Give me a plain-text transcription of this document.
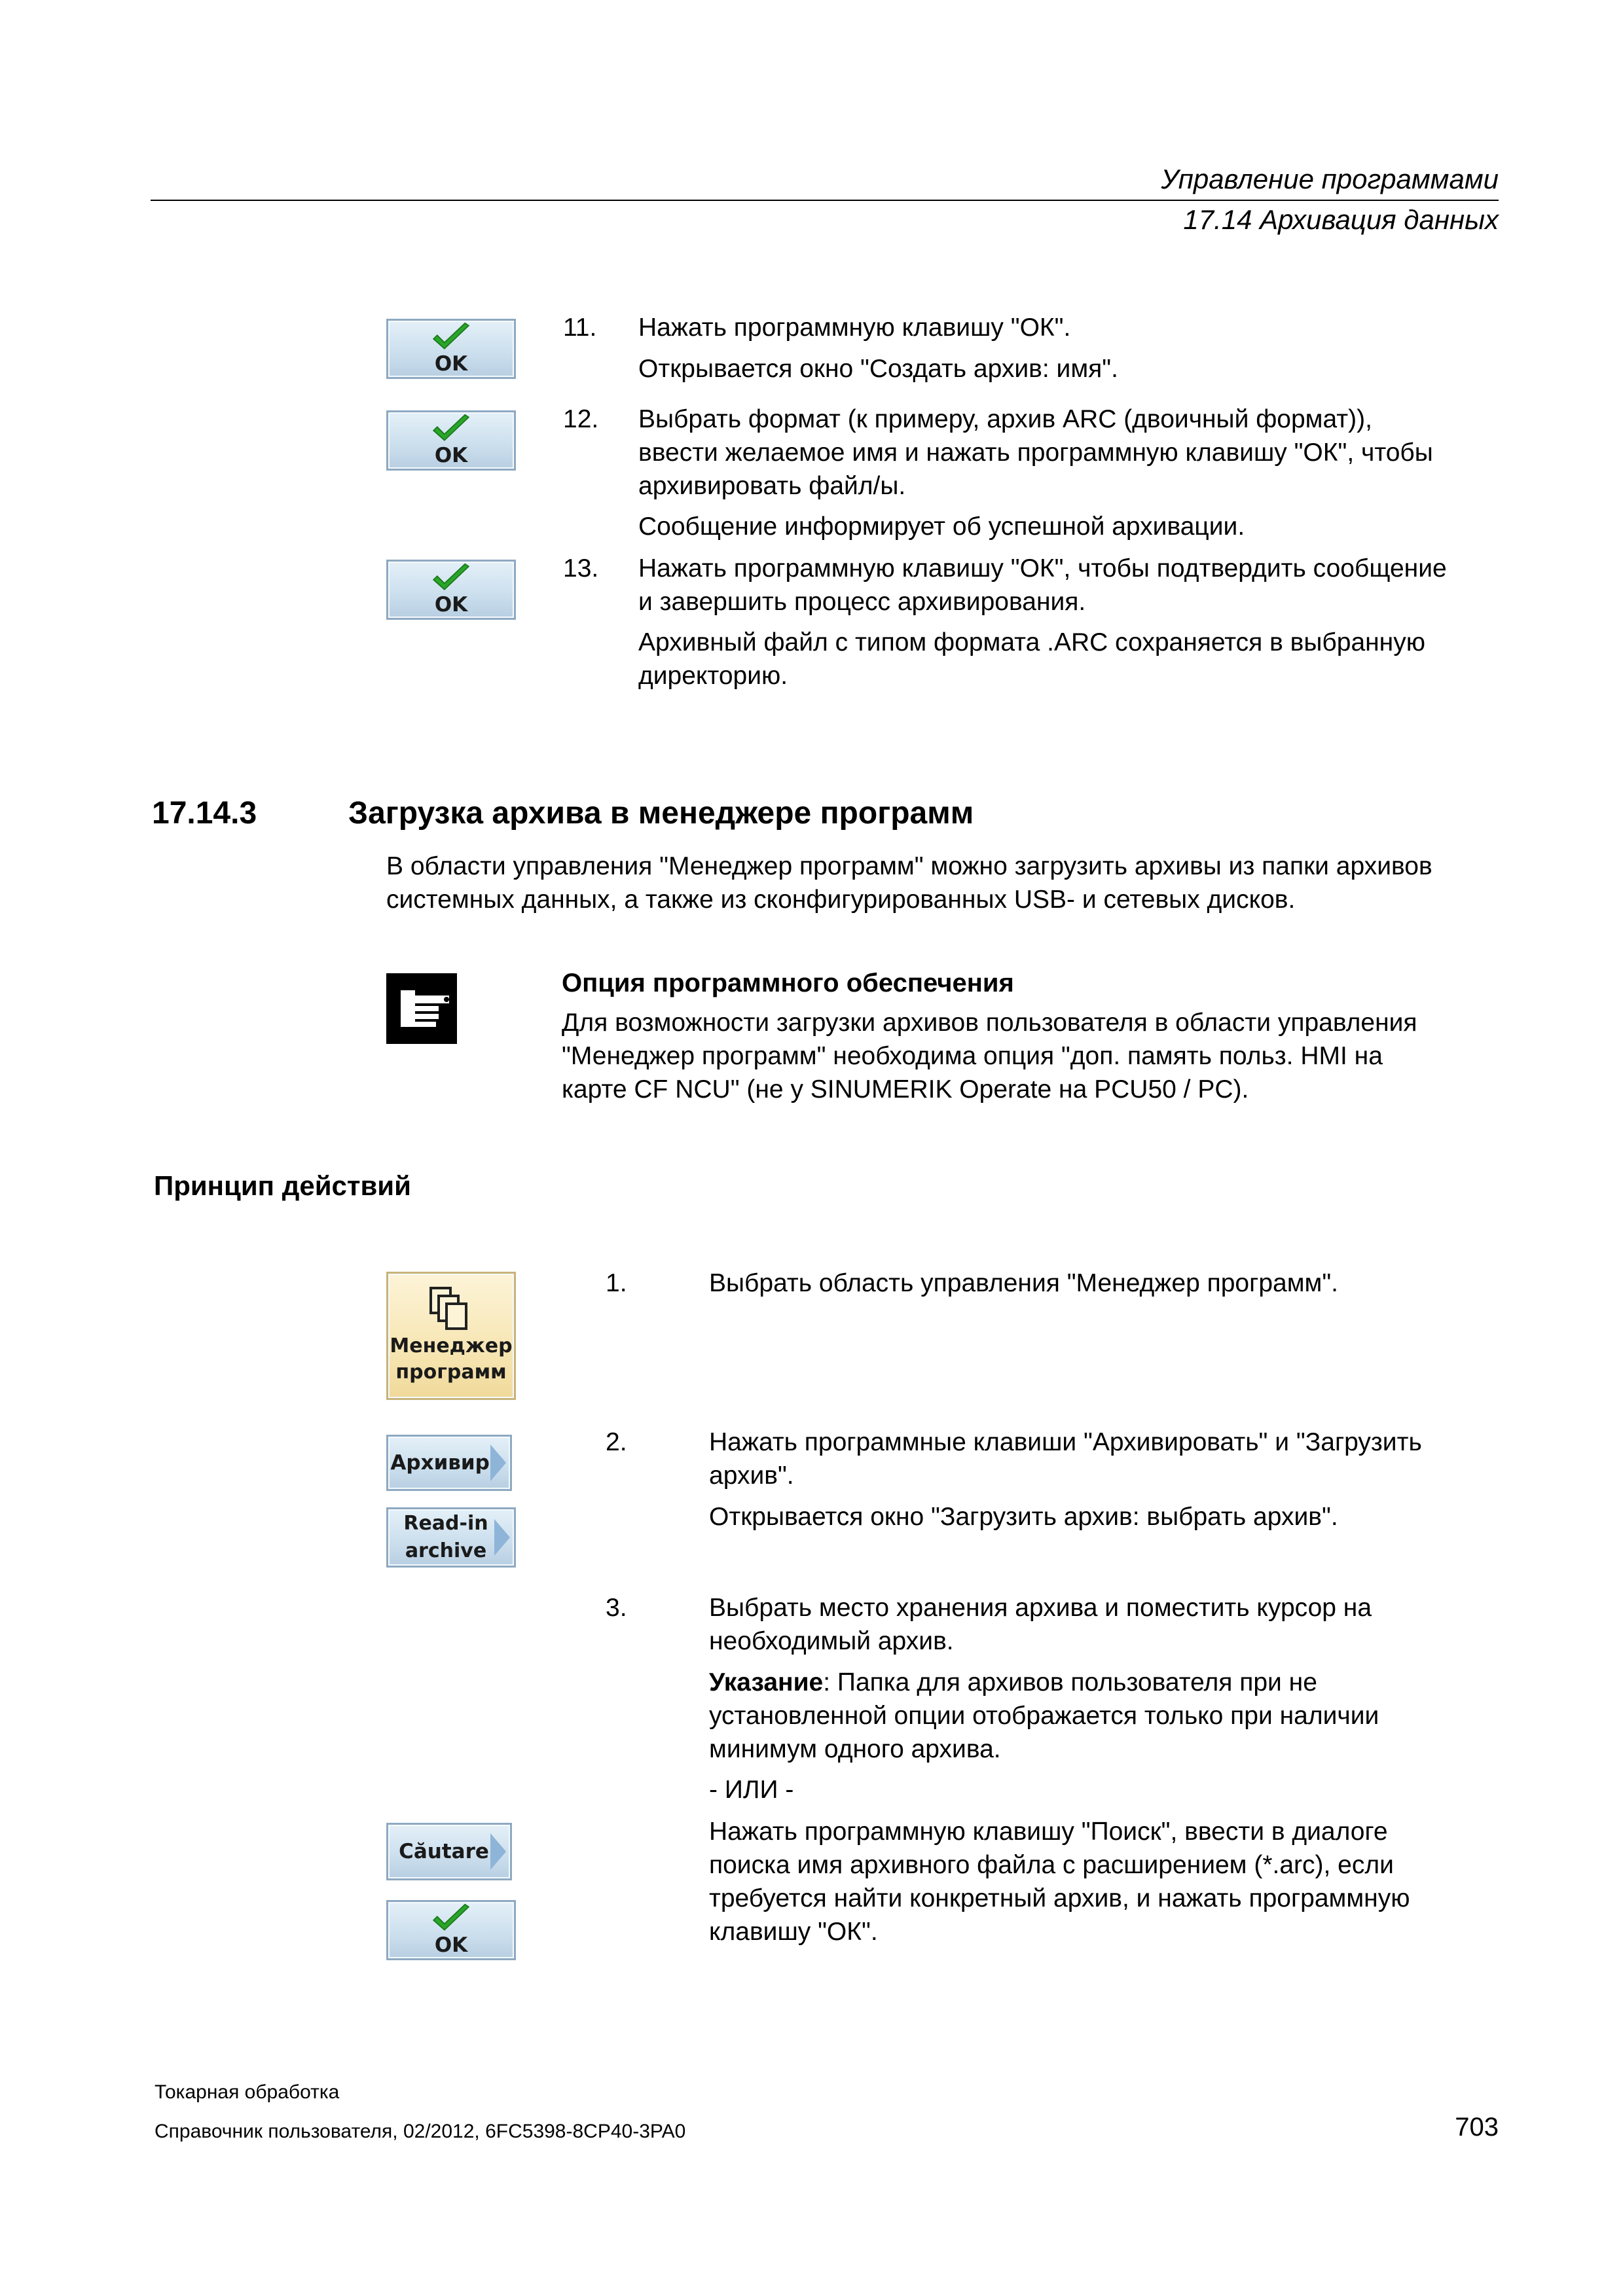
Управление программами
17.14 Архивация данных
OK
OK
OK
11. Нажать программную клавишу "ОК".
Открывается окно "Создать архив: имя".
12. Выбрать формат (к примеру, архив ARC (двоичный формат)),
ввести желаемое имя и нажать программную клавишу "ОК", чтобы
архивировать файл/ы.
Сообщение информирует об успешной архивации.
13. Нажать программную клавишу "ОК", чтобы подтвердить сообщение
и завершить процесс архивирования.
Архивный файл с типом формата .ARC сохраняется в выбранную
директорию.
17.14.3	Загрузка архива в менеджере программ
В области управления "Менеджер программ" можно загрузить архивы из папки архивов
системных данных, а также из сконфигурированных USB- и сетевых дисков.
Опция программного обеспечения
Для возможности загрузки архивов пользователя в области управления
"Менеджер программ" необходима опция "доп. память польз. HMI на
карте CF NCU" (не у SINUMERIK Operate на PCU50 / PC).
Принцип действий
Менеджер
программ
1.	Выбрать область управления "Менеджер программ".
Архивир.
Read-in
archive
2.	Нажать программные клавиши "Архивировать" и "Загрузить
архив".
Открывается окно "Загрузить архив: выбрать архив".
3.	Выбрать место хранения архива и поместить курсор на
необходимый архив.
Указание: Папка для архивов пользователя при не
установленной опции отображается только при наличии
минимум одного архива.
- ИЛИ -
Нажать программную клавишу "Поиск", ввести в диалоге
поиска имя архивного файла с расширением (*.arc), если
требуется найти конкретный архив, и нажать программную
клавишу "ОК".
Căutare
OK
Токарная обработка
Справочник пользователя, 02/2012, 6FC5398-8CP40-3PA0	703
